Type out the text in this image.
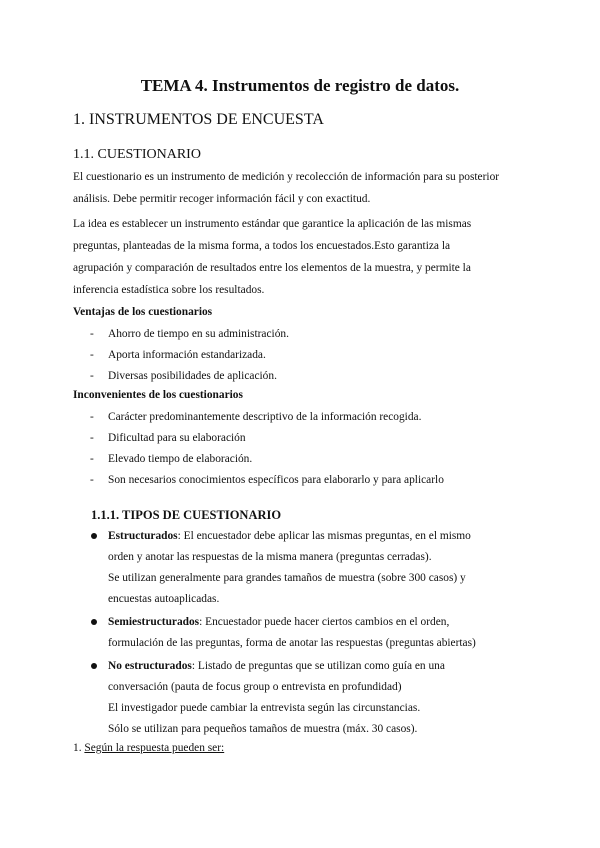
TEMA 4. Instrumentos de registro de datos.
1. INSTRUMENTOS DE ENCUESTA
1.1. CUESTIONARIO

El cuestionario es un instrumento de medición y recolección de información para su posterior
análisis. Debe permitir recoger información fácil y con exactitud.

La idea es establecer un instrumento estándar que garantice la aplicación de las mismas
preguntas, planteadas de la misma forma, a todos los encuestados.Esto garantiza la
agrupación y comparación de resultados entre los elementos de la muestra, y permite la
inferencia estadística sobre los resultados.

Ventajas de los cuestionarios
- Ahorro de tiempo en su administración.
- Aporta información estandarizada.
- Diversas posibilidades de aplicación.
Inconvenientes de los cuestionarios
- Carácter predominantemente descriptivo de la información recogida.
- Dificultad para su elaboración
- Elevado tiempo de elaboración.
- Son necesarios conocimientos específicos para elaborarlo y para aplicarlo
1.1.1. TIPOS DE CUESTIONARIO
Estructurados: El encuestador debe aplicar las mismas preguntas, en el mismo
orden y anotar las respuestas de la misma manera (preguntas cerradas).
Se utilizan generalmente para grandes tamaños de muestra (sobre 300 casos) y
encuestas autoaplicadas.
Semiestructurados: Encuestador puede hacer ciertos cambios en el orden,
formulación de las preguntas, forma de anotar las respuestas (preguntas abiertas)
No estructurados: Listado de preguntas que se utilizan como guía en una
conversación (pauta de focus group o entrevista en profundidad)
El investigador puede cambiar la entrevista según las circunstancias.
Sólo se utilizan para pequeños tamaños de muestra (máx. 30 casos).
1. Según la respuesta pueden ser:
